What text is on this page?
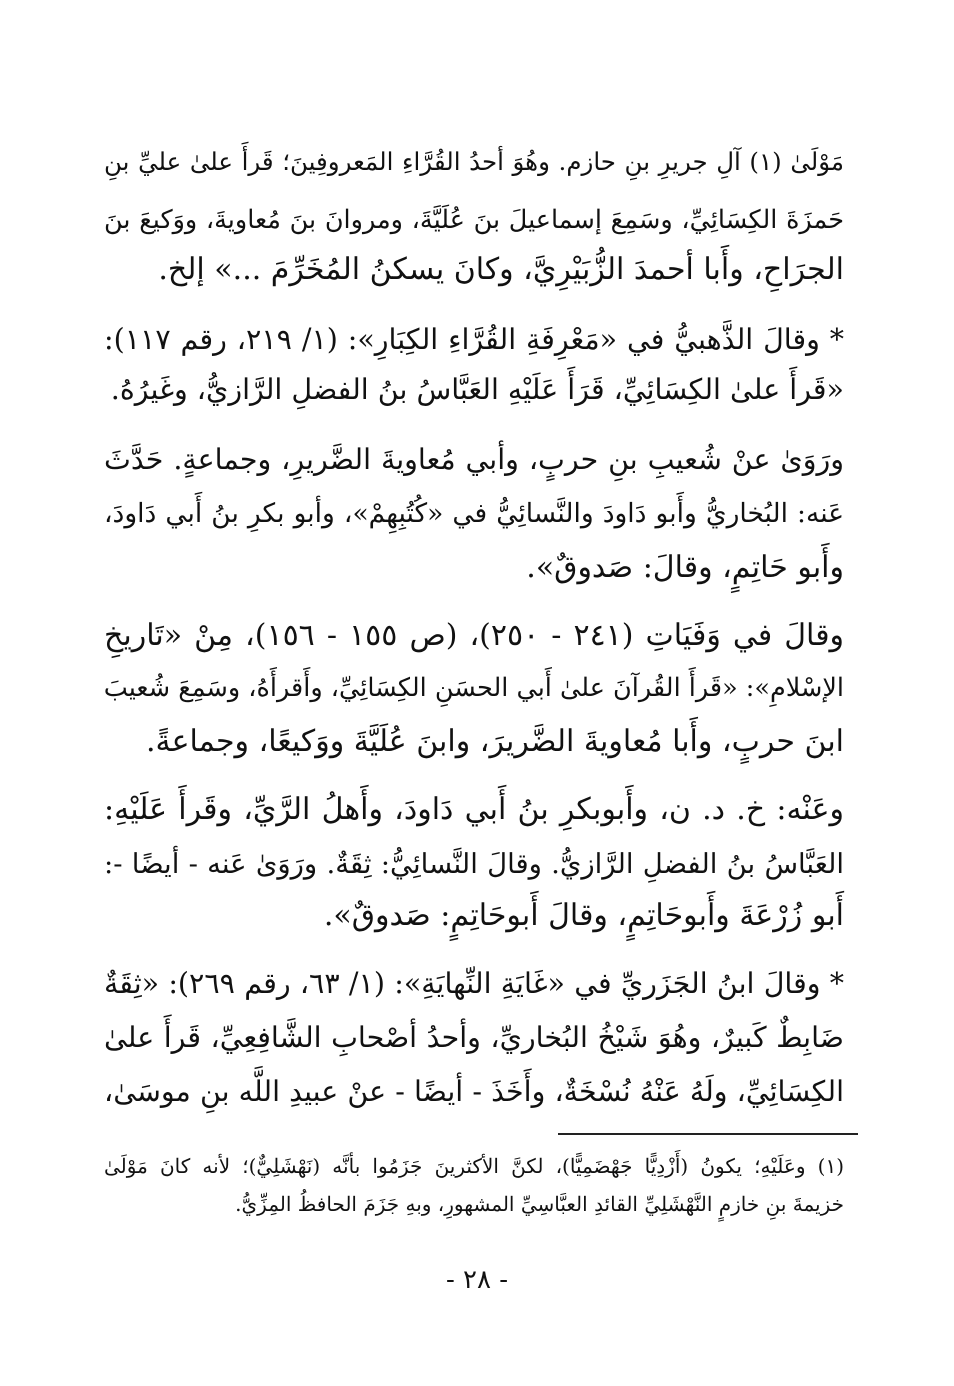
مَوْلَىٰ (١) آلِ جريرِ بنِ حازم. وهُوَ أحدُ القُرَّاءِ المَعروفِينَ؛ قَرأَ علىٰ عليِّ بنِ
حَمزَةَ الكِسَائِيِّ، وسَمِعَ إسماعيلَ بنَ عُلَيَّةَ، ومروانَ بنَ مُعاويةَ، ووَكيعَ بنَ
الجرَاحِ، وأَبا أحمدَ الزُّبَيْرِيَّ، وكانَ يسكنُ المُخَرِّمَ ...» إلخ.
* وقالَ الذَّهبيُّ في «مَعْرِفَةِ القُرَّاءِ الكِبَارِ»: (١/ ٢١٩، رقم ١١٧):
«قَرأَ علىٰ الكِسَائِيِّ، قَرَأَ عَلَيْهِ العَبَّاسُ بنُ الفضلِ الرَّازيُّ، وغَيرُهُ.
ورَوَىٰ عنْ شُعيبِ بنِ حربٍ، وأبي مُعاويةَ الضَّريرِ، وجماعةٍ. حَدَّثَ
عَنه: البُخاريُّ وأَبو دَاودَ والنَّسائِيُّ في «كُتُبِهِمْ»، وأبو بكرِ بنُ أَبي دَاودَ،
وأَبو حَاتِمٍ، وقالَ: صَدوقٌ».
وقالَ في وَفَيَاتِ (٢٤١ - ٢٥٠)، (ص ١٥٥ - ١٥٦)، مِنْ «تَاريخِ
الإسْلامِ»: «قَرأَ القُرآنَ علىٰ أَبي الحسَنِ الكِسَائِيِّ، وأَقرأَهُ، وسَمِعَ شُعيبَ
ابنَ حربٍ، وأَبا مُعاويةَ الضَّريرَ، وابنَ عُلَيَّةَ ووَكيعًا، وجماعةً.
وعَنْه: خ. د. ن، وأَبوبكرِ بنُ أَبي دَاودَ، وأَهلُ الرَّيِّ، وقَرأَ عَلَيْهِ:
العَبَّاسُ بنُ الفضلِ الرَّازيُّ. وقالَ النَّسائِيُّ: ثِقَةٌ. ورَوَىٰ عَنه - أيضًا -:
أَبو زُرْعَةَ وأَبوحَاتِمٍ، وقالَ أَبوحَاتِمٍ: صَدوقٌ».
* وقالَ ابنُ الجَزَريِّ في «غَايَةِ النِّهايَةِ»: (١/ ٦٣، رقم ٢٦٩): «ثِقَةٌ
ضَابِطٌ كَبيرٌ، وهُوَ شَيْخُ البُخاريِّ، وأحدُ أصْحابِ الشَّافِعِيِّ، قَرأَ علىٰ
الكِسَائِيِّ، ولَهُ عَنْهُ نُسْخَةٌ، وأَخَذَ - أيضًا - عنْ عبيدِ اللَّه بنِ موسَىٰ،
(١) وعَلَيْهِ؛ يكونُ (أَزْدِيًّا جَهْضَمِيًّا)، لكنَّ الأكثرينَ جَزَمُوا بأنَّه (نَهْشَلِيٌّ)؛ لأنه كانَ مَوْلَىٰ
خزيمةَ بنِ خازمٍ النَّهْشَلِيِّ القائدِ العبَّاسِيِّ المشهورِ، وبهِ جَزَمَ الحافظُ المِزِّيُّ.
- ٢٨ -
